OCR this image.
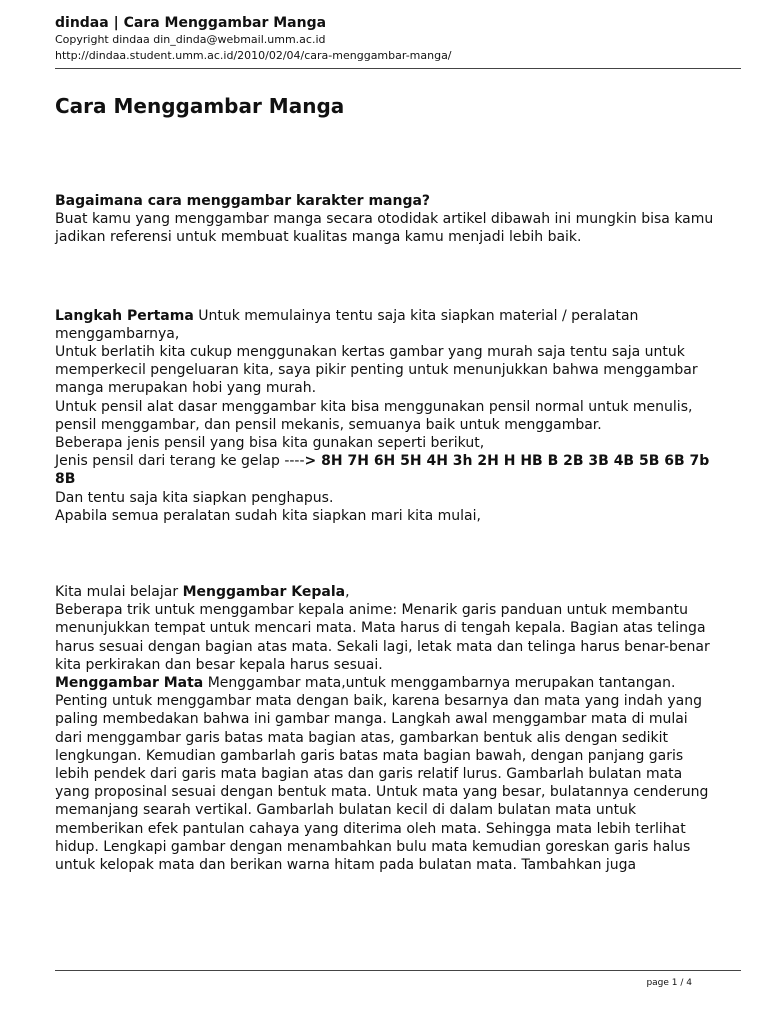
dindaa | Cara Menggambar Manga
Copyright dindaa din_dinda@webmail.umm.ac.id
http://dindaa.student.umm.ac.id/2010/02/04/cara-menggambar-manga/
Cara Menggambar Manga

Bagaimana cara menggambar karakter manga?

Buat kamu yang menggambar manga secara otodidak artikel dibawah ini mungkin bisa kamu jadikan referensi untuk membuat kualitas manga kamu menjadi lebih baik.

Langkah Pertama Untuk memulainya tentu saja kita siapkan material / peralatan menggambarnya,

Untuk berlatih kita cukup menggunakan kertas gambar yang murah saja tentu saja untuk memperkecil pengeluaran kita, saya pikir penting untuk menunjukkan bahwa menggambar manga merupakan hobi yang murah.

Untuk pensil alat dasar menggambar kita bisa menggunakan pensil normal untuk menulis, pensil menggambar, dan pensil mekanis, semuanya baik untuk menggambar.

Beberapa jenis pensil yang bisa kita gunakan seperti berikut,

Jenis pensil dari terang ke gelap ----> 8H 7H 6H 5H 4H 3h 2H H HB B 2B 3B 4B 5B 6B 7b 8B

Dan tentu saja kita siapkan penghapus.

Apabila semua peralatan sudah kita siapkan mari kita mulai,

Kita mulai belajar Menggambar Kepala,

Beberapa trik untuk menggambar kepala anime: Menarik garis panduan untuk membantu menunjukkan tempat untuk mencari mata. Mata harus di tengah kepala. Bagian atas telinga harus sesuai dengan bagian atas mata. Sekali lagi, letak mata dan telinga harus benar-benar kita perkirakan dan besar kepala harus sesuai.

Menggambar Mata Menggambar mata,untuk menggambarnya merupakan tantangan. Penting untuk menggambar mata dengan baik, karena besarnya dan mata yang indah yang paling membedakan bahwa ini gambar manga. Langkah awal menggambar mata di mulai dari menggambar garis batas mata bagian atas, gambarkan bentuk alis dengan sedikit lengkungan. Kemudian gambarlah garis batas mata bagian bawah, dengan panjang garis lebih pendek dari garis mata bagian atas dan garis relatif lurus. Gambarlah bulatan mata yang proposinal sesuai dengan bentuk mata. Untuk mata yang besar, bulatannya cenderung memanjang searah vertikal. Gambarlah bulatan kecil di dalam bulatan mata untuk memberikan efek pantulan cahaya yang diterima oleh mata. Sehingga mata lebih terlihat hidup. Lengkapi gambar dengan menambahkan bulu mata kemudian goreskan garis halus untuk kelopak mata dan berikan warna hitam pada bulatan mata. Tambahkan juga

page 1 / 4
